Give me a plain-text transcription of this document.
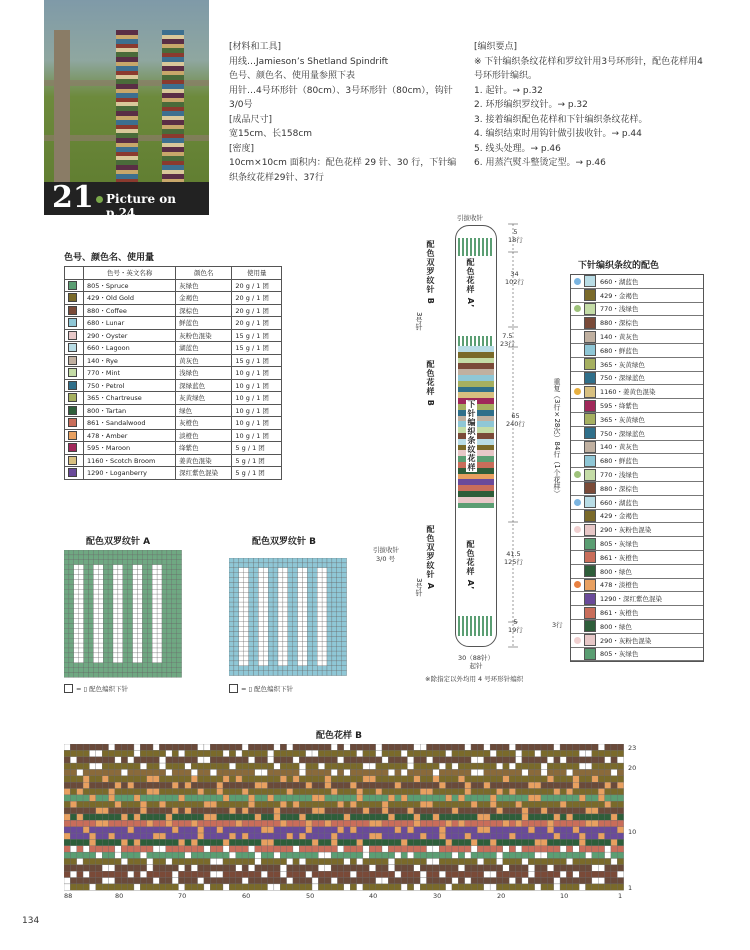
21 Picture on p.24
[材料和工具]
用线…Jamieson’s Shetland Spindrift
色号、颜色名、使用量参照下表
用针…4号环形针（80cm）、3号环形针（80cm），钩针3/0号
[成品尺寸]
宽15cm、长158cm
[密度]
10cm×10cm 面积内：配色花样 29 针、30 行，下针编织条纹花样29针、37行
[编织要点]
※ 下针编织条纹花样和罗纹针用3号环形针，配色花样用4号环形针编织。
1. 起针。→ p.32
2. 环形编织罗纹针。→ p.32
3. 接着编织配色花样和下针编织条纹花样。
4. 编织结束时用钩针做引拔收针。→ p.44
5. 线头处理。→ p.46
6. 用蒸汽熨斗整烫定型。→ p.46
色号、颜色名、使用量
	色号・英文名称	颜色名	使用量
	805・Spruce	灰绿色	20 g / 1 团
	429・Old Gold	金褐色	20 g / 1 团
	880・Coffee	深棕色	20 g / 1 团
	680・Lunar	鲜蓝色	20 g / 1 团
	290・Oyster	灰粉色混染	15 g / 1 团
	660・Lagoon	湖蓝色	15 g / 1 团
	140・Rye	黄灰色	15 g / 1 团
	770・Mint	浅绿色	10 g / 1 团
	750・Petrol	深绿蓝色	10 g / 1 团
	365・Chartreuse	灰黄绿色	10 g / 1 团
	800・Tartan	绿色	10 g / 1 团
	861・Sandalwood	灰橙色	10 g / 1 团
	478・Amber	淡橙色	10 g / 1 团
	595・Maroon	绛紫色	5 g / 1 团
	1160・Scotch Broom	姜黄色混染	5 g / 1 团
	1290・Loganberry	深红紫色混染	5 g / 1 团
配色双罗纹针 A
= ▯ 配色编织下针
配色双罗纹针 B
引拔收针
3/0 号
= ▯ 配色编织下针
引拔收针
配色花样 A’
下针编织条纹花样
配色花样 A’
配色双罗纹针 B
配色花样 B
配色双罗纹针 A
3号针
3号针
5
18行
34
102行
7.5
23行
65
240行
41.5
125行
5
19行
30（88针）起针
※除指定以外均用 4 号环形针编织
下针编织条纹的配色
重复（3行×28次）84行（1个花样）
3行
660・湖蓝色
429・金褐色
770・浅绿色
880・深棕色
140・黄灰色
680・鲜蓝色
365・灰黄绿色
750・深绿蓝色
1160・姜黄色混染
595・绛紫色
365・灰黄绿色
750・深绿蓝色
140・黄灰色
680・鲜蓝色
770・浅绿色
880・深棕色
660・湖蓝色
429・金褐色
290・灰粉色混染
805・灰绿色
861・灰橙色
800・绿色
478・淡橙色
1290・深红紫色混染
861・灰橙色
800・绿色
290・灰粉色混染
805・灰绿色
配色花样 B
23
20
10
1
88	80	70	60	50	40	30	20	10	1
134
